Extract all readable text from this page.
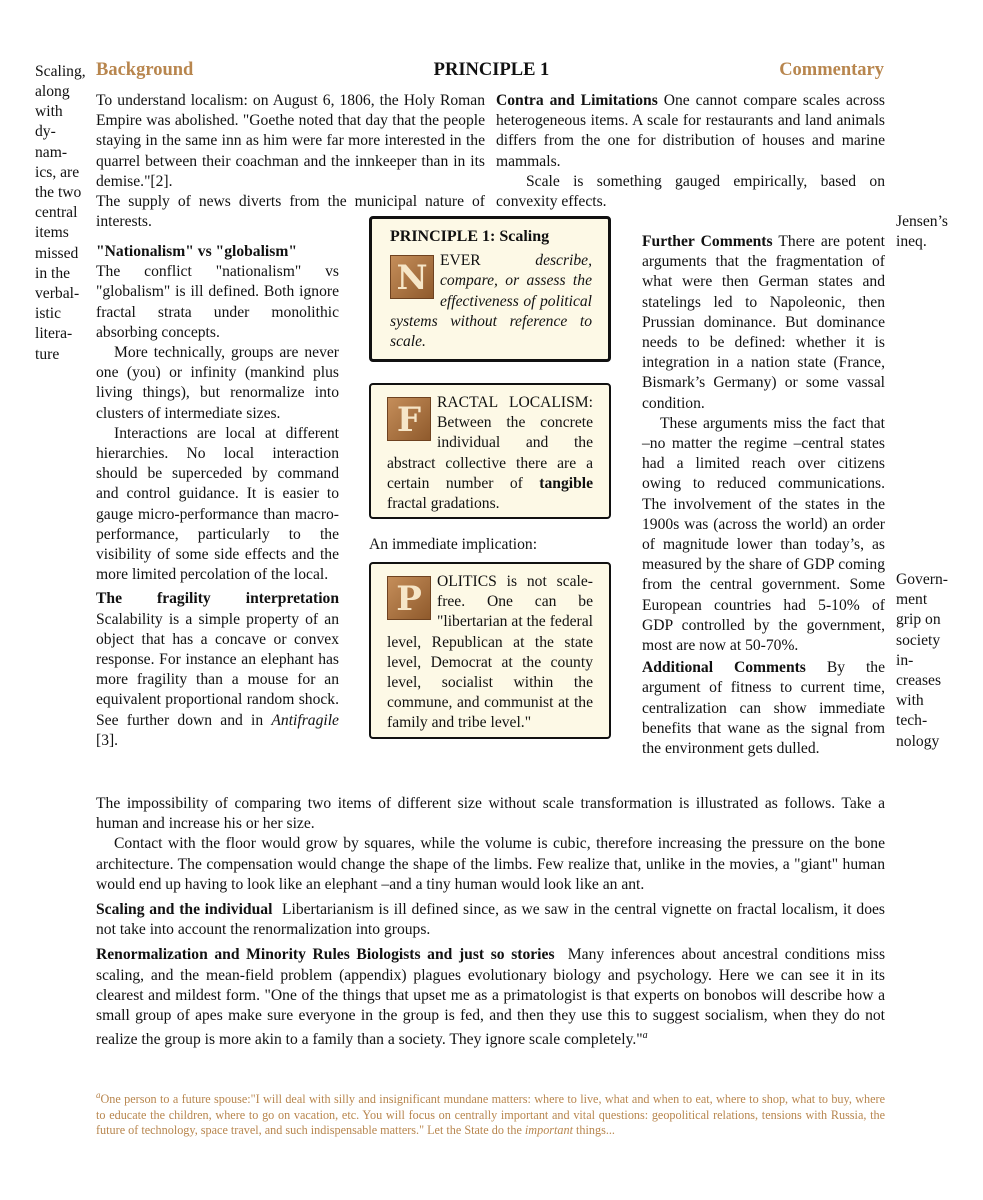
Scaling, Background	PRINCIPLE 1	Commentary
along with dy- nam- ics, are the two central items missed in the verbal- istic litera- ture

To understand localism: on August 6, 1806, the Holy Roman Empire was abolished. "Goethe noted that day that the people staying in the same inn as him were far more interested in the quarrel between their coachman and the innkeeper than in its demise."[2].

The supply of news diverts from the municipal nature of interests.

Contra and Limitations One cannot compare scales across heterogeneous items. A scale for restaurants and land animals differs from the one for distribution of houses and marine mammals.

Scale is something gauged empirically, based on convexity effects.

"Nationalism" vs "globalism"

The conflict "nationalism" vs "globalism" is ill defined. Both ignore fractal strata under monolithic absorbing concepts.

More technically, groups are never one (you) or infinity (mankind plus living things), but renormalize into clusters of intermediate sizes.

Interactions are local at different hierarchies. No local interaction should be superceded by command and control guidance. It is easier to gauge micro-performance than macro-performance, particularly to the visibility of some side effects and the more limited percolation of the local.

The fragility interpretation Scalability is a simple property of an object that has a concave or convex response. For instance an elephant has more fragility than a mouse for an equivalent proportional random shock. See further down and in Antifragile [3].

PRINCIPLE 1: Scaling

N EVER	describe, compare, or assess the effectiveness of political systems without reference to scale.

F	RACTAL LOCALISM: Between the concrete individual and the abstract collective there are a certain number of tangible fractal gradations.

An immediate implication:

P OLITICS is not scale-free. One can be "libertarian at the federal level, Republican at the state level, Democrat at the county level, socialist within the commune, and communist at the family and tribe level."

Further Comments There are potent arguments that the fragmentation of what were then German states and statelings led to Napoleonic, then Prussian dominance. But dominance needs to be defined: whether it is integration in a nation state (France, Bismark’s Germany) or some vassal condition.

These arguments miss the fact that –no matter the regime –central states had a limited reach over citizens owing to reduced communications. The involvement of the states in the 1900s was (across the world) an order of magnitude lower than today’s, as measured by the share of GDP coming from the central government. Some European countries had 5-10% of GDP controlled by the government, most are now at 50-70%.

Additional Comments By the argument of fitness to current time, centralization can show immediate benefits that wane as the signal from the environment gets dulled.

Jensen’s ineq.
Govern- ment grip on society in- creases with tech- nology

The impossibility of comparing two items of different size without scale transformation is illustrated as follows. Take a human and increase his or her size.

Contact with the floor would grow by squares, while the volume is cubic, therefore increasing the pressure on the bone architecture. The compensation would change the shape of the limbs. Few realize that, unlike in the movies, a "giant" human would end up having to look like an elephant –and a tiny human would look like an ant.

Scaling and the individual Libertarianism is ill defined since, as we saw in the central vignette on fractal localism, it does not take into account the renormalization into groups.

Renormalization and Minority Rules Biologists and just so stories Many inferences about ancestral conditions miss scaling, and the mean-field problem (appendix) plagues evolutionary biology and psychology. Here we can see it in its clearest and mildest form. "One of the things that upset me as a primatologist is that experts on bonobos will describe how a small group of apes make sure everyone in the group is fed, and then they use this to suggest socialism, when they do not realize the group is more akin to a family than a society. They ignore scale completely."$^a$

$^a$One person to a future spouse:"I will deal with silly and insignificant mundane matters: where to live, what and when to eat, where to shop, what to buy, where to educate the children, where to go on vacation, etc. You will focus on centrally important and vital questions: geopolitical relations, tensions with Russia, the future of technology, space travel, and such indispensable matters." Let the State do the important things...
